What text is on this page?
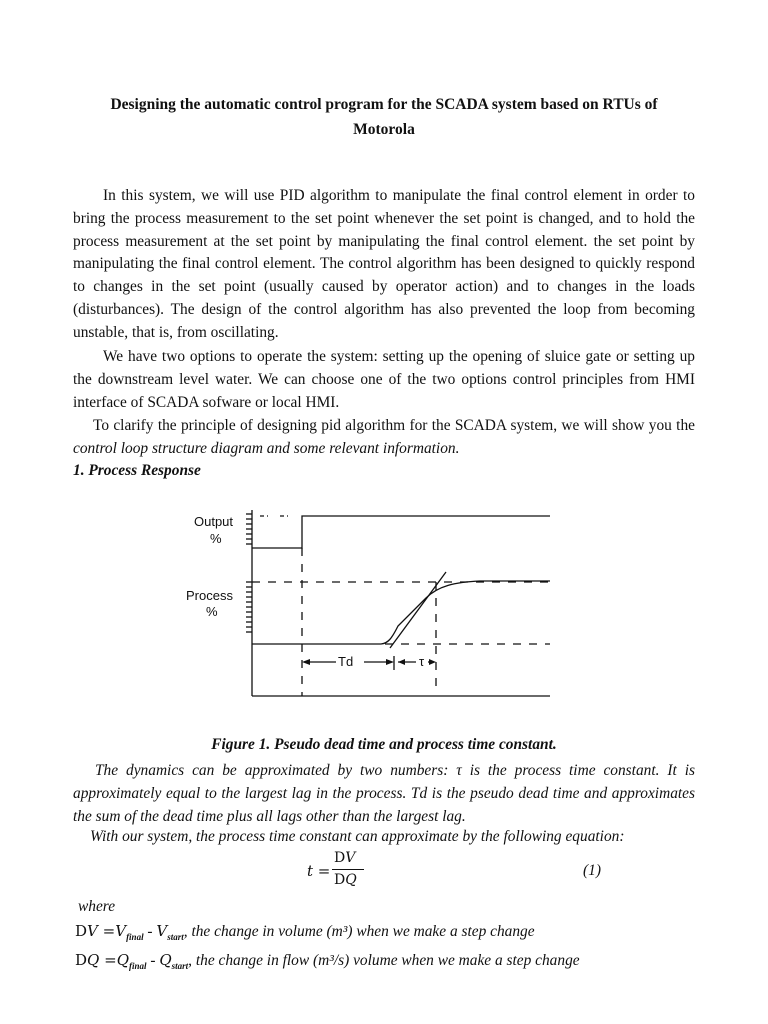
Designing the automatic control program for the SCADA system based on RTUs of
Motorola

In this system, we will use PID algorithm to manipulate the final control element in order to bring the process measurement to the set point whenever the set point is changed, and to hold the process measurement at the set point by manipulating the final control element. the set point by manipulating the final control element. The control algorithm has been designed to quickly respond to changes in the set point (usually caused by operator action) and to changes in the loads (disturbances). The design of the control algorithm has also prevented the loop from becoming unstable, that is, from oscillating.

We have two options to operate the system: setting up the opening of sluice gate or setting up the downstream level water. We can choose one of the two options control principles from HMI interface of SCADA sofware or local HMI.

To clarify the principle of designing pid algorithm for the SCADA system, we will show you the control loop structure diagram and some relevant information.

1. Process Response
Output
%
Process
%
Td	τ
Figure 1. Pseudo dead time and process time constant.

The dynamics can be approximated by two numbers: τ is the process time constant. It is approximately equal to the largest lag in the process. Td is the pseudo dead time and approximates the sum of the dead time plus all lags other than the largest lag.

With our system, the process time constant can approximate by the following equation:

t =
DV
DQ
(1)
where
DV $=V_{final} - V_{start}$, the change in volume (m³) when we make a step change
DQ $=Q_{final} - Q_{start}$, the change in flow (m³/s) volume when we make a step change
